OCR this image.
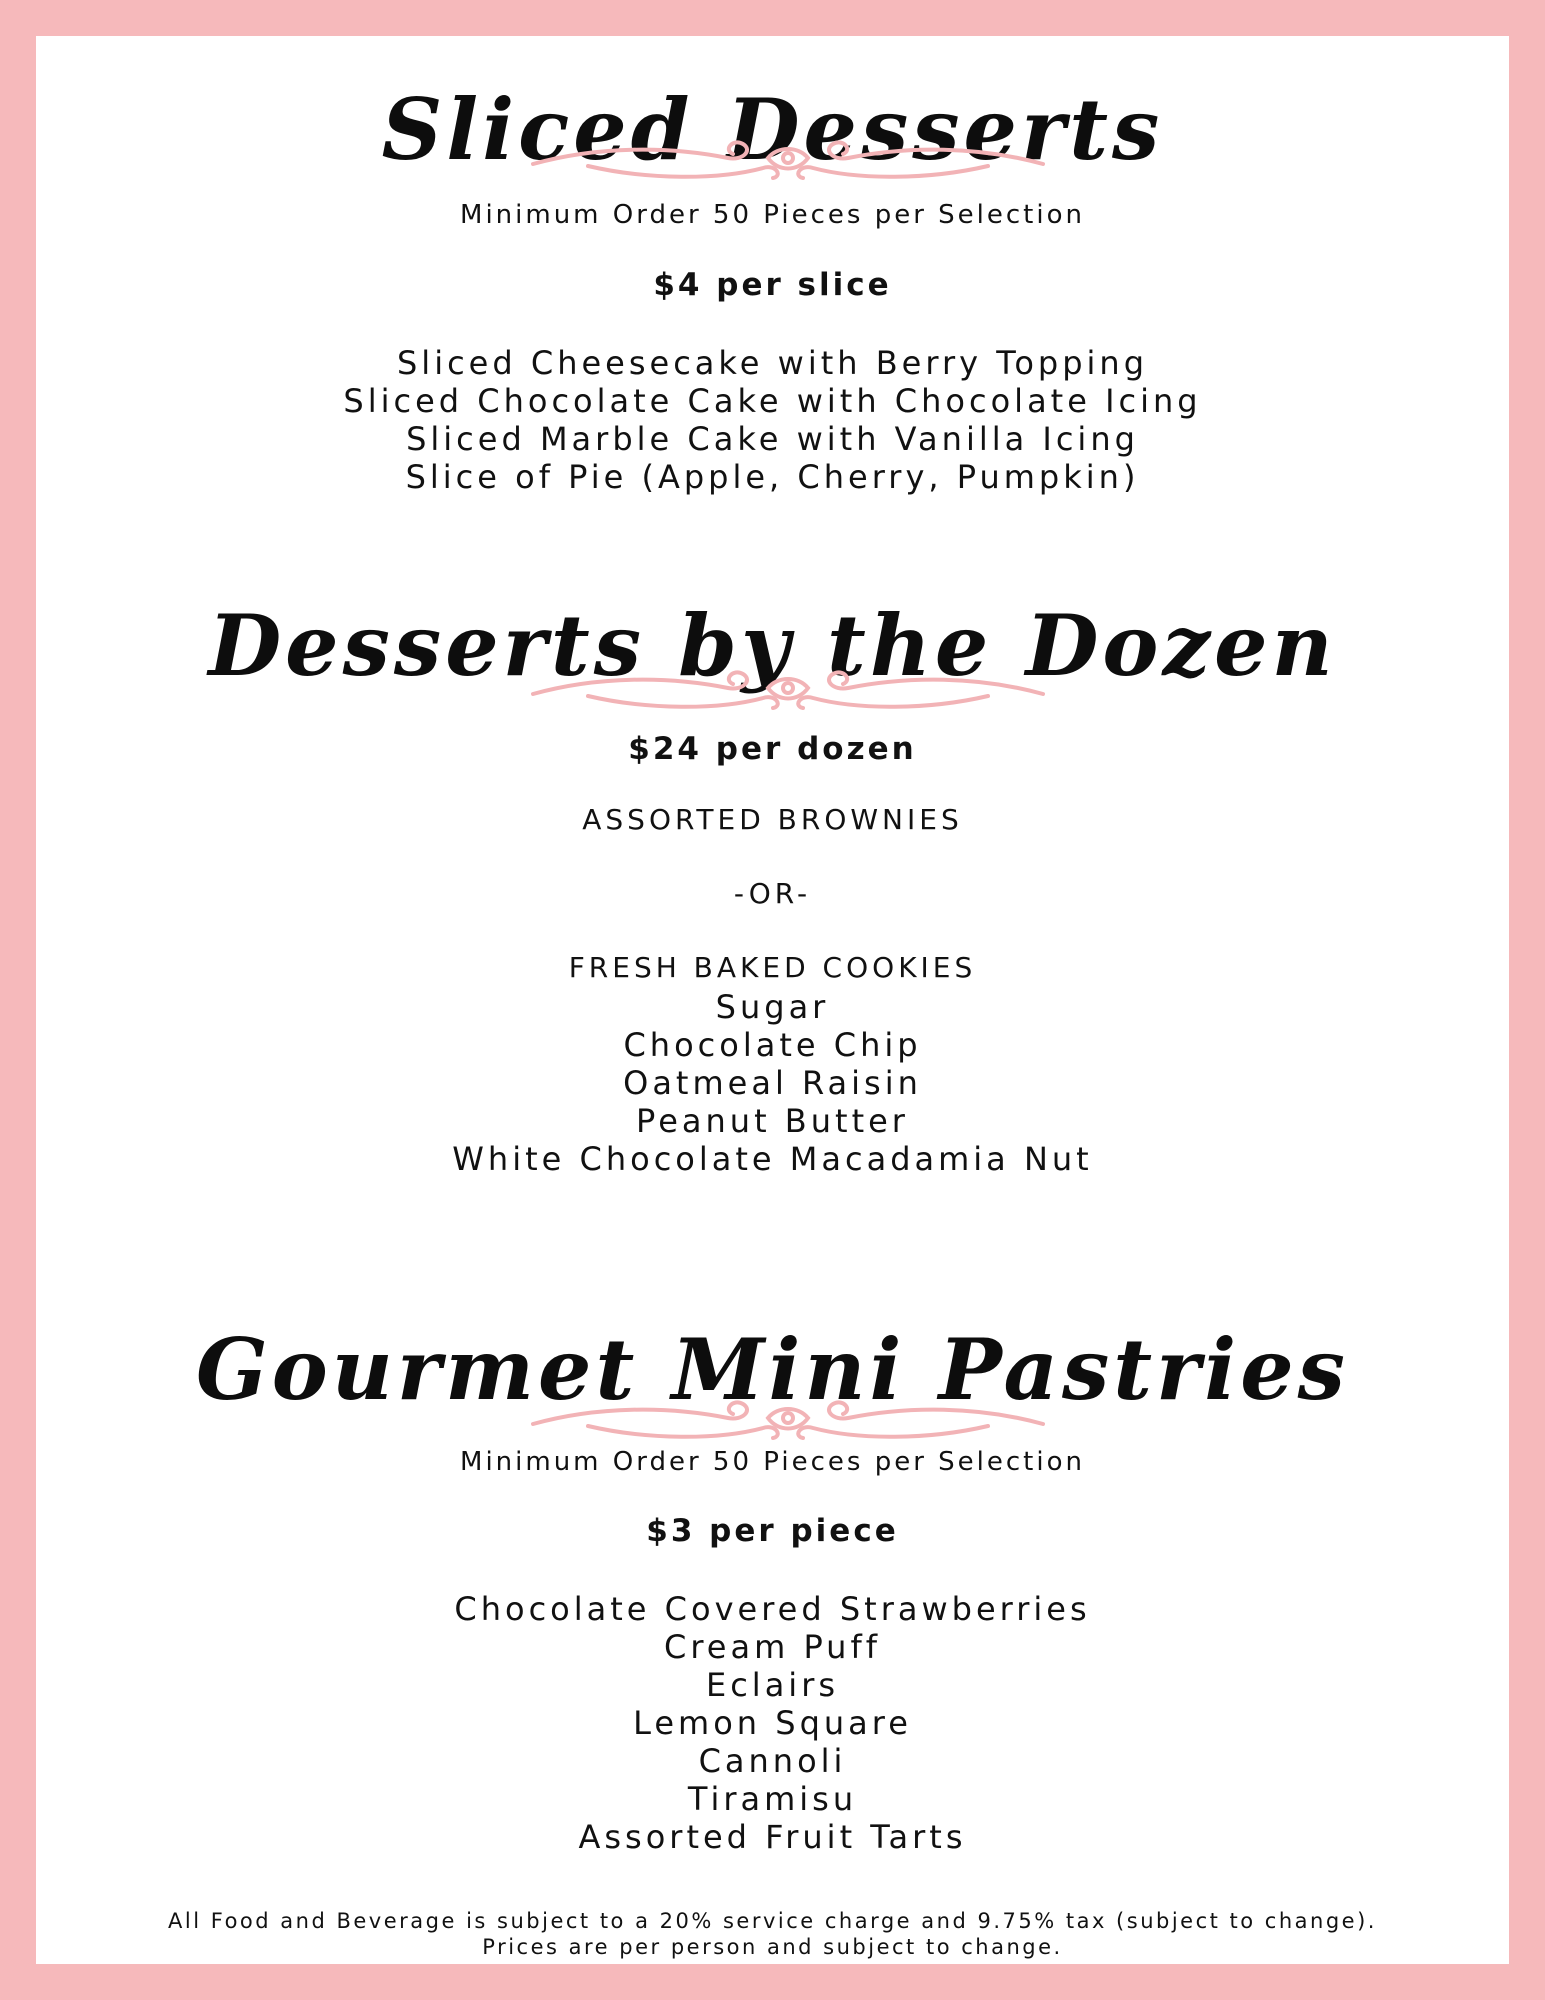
Sliced Desserts
Minimum Order 50 Pieces per Selection
$4 per slice
Sliced Cheesecake with Berry Topping
Sliced Chocolate Cake with Chocolate Icing
Sliced Marble Cake with Vanilla Icing
Slice of Pie (Apple, Cherry, Pumpkin)
Desserts by the Dozen
$24 per dozen
ASSORTED BROWNIES
-OR-
FRESH BAKED COOKIES
Sugar
Chocolate Chip
Oatmeal Raisin
Peanut Butter
White Chocolate Macadamia Nut
Gourmet Mini Pastries
Minimum Order 50 Pieces per Selection
$3 per piece
Chocolate Covered Strawberries
Cream Puff
Eclairs
Lemon Square
Cannoli
Tiramisu
Assorted Fruit Tarts
All Food and Beverage is subject to a 20% service charge and 9.75% tax (subject to change).
Prices are per person and subject to change.
